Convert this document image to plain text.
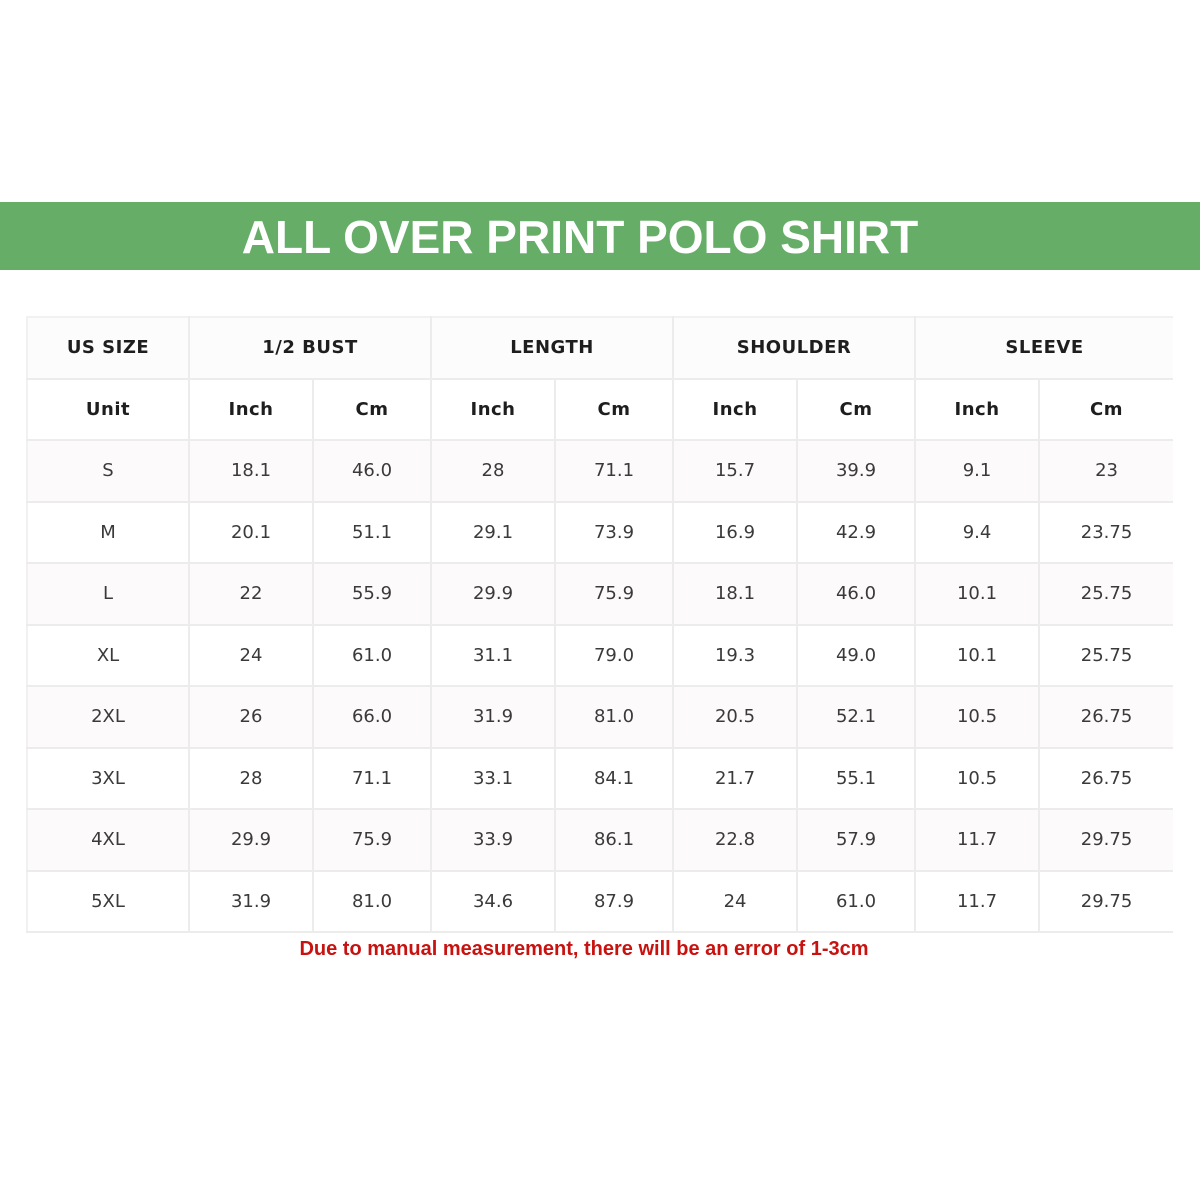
ALL OVER PRINT POLO SHIRT
US SIZE	1/2 BUST		LENGTH		SHOULDER		SLEEVE	
Unit	Inch	Cm	Inch	Cm	Inch	Cm	Inch	Cm
S	18.1	46.0	28	71.1	15.7	39.9	9.1	23
M	20.1	51.1	29.1	73.9	16.9	42.9	9.4	23.75
L	22	55.9	29.9	75.9	18.1	46.0	10.1	25.75
XL	24	61.0	31.1	79.0	19.3	49.0	10.1	25.75
2XL	26	66.0	31.9	81.0	20.5	52.1	10.5	26.75
3XL	28	71.1	33.1	84.1	21.7	55.1	10.5	26.75
4XL	29.9	75.9	33.9	86.1	22.8	57.9	11.7	29.75
5XL	31.9	81.0	34.6	87.9	24	61.0	11.7	29.75
Due to manual measurement, there will be an error of 1-3cm
